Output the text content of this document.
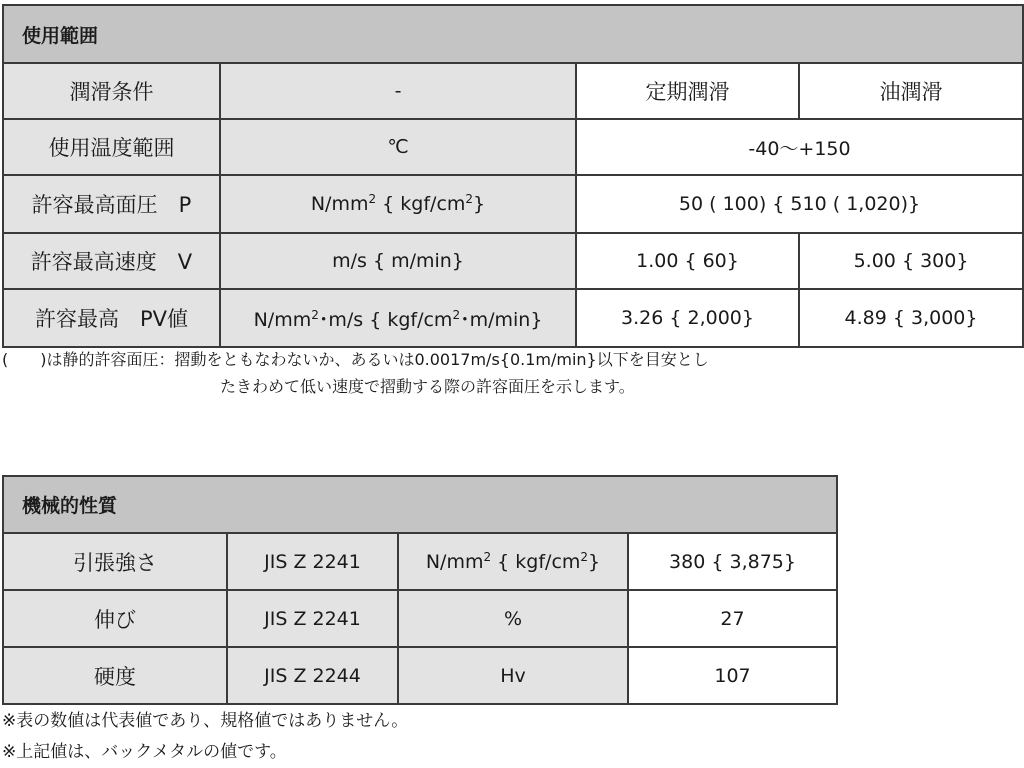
使用範囲			
潤滑条件	-	定期潤滑	油潤滑
使用温度範囲	℃	-40～+150	
許容最高面圧　P	$N/mm^2$ { kgf/$cm^2$}	50 ( 100) { 510 ( 1,020)}	
許容最高速度　V	m/s { m/min}	1.00 { 60}	5.00 { 300}
許容最高　PV値	$N/mm^2$･m/s { kgf/$cm^2$･m/min}	3.26 { 2,000}	4.89 { 3,000}
(　　)は静的許容面圧：摺動をともなわないか、あるいは0.0017m/s{0.1m/min}以下を目安とし
たきわめて低い速度で摺動する際の許容面圧を示します。
機械的性質			
引張強さ	JIS Z 2241	$N/mm^2$ { kgf/$cm^2$}	380 { 3,875}
伸び	JIS Z 2241	%	27
硬度	JIS Z 2244	Hv	107
※表の数値は代表値であり、規格値ではありません。
※上記値は、バックメタルの値です。
